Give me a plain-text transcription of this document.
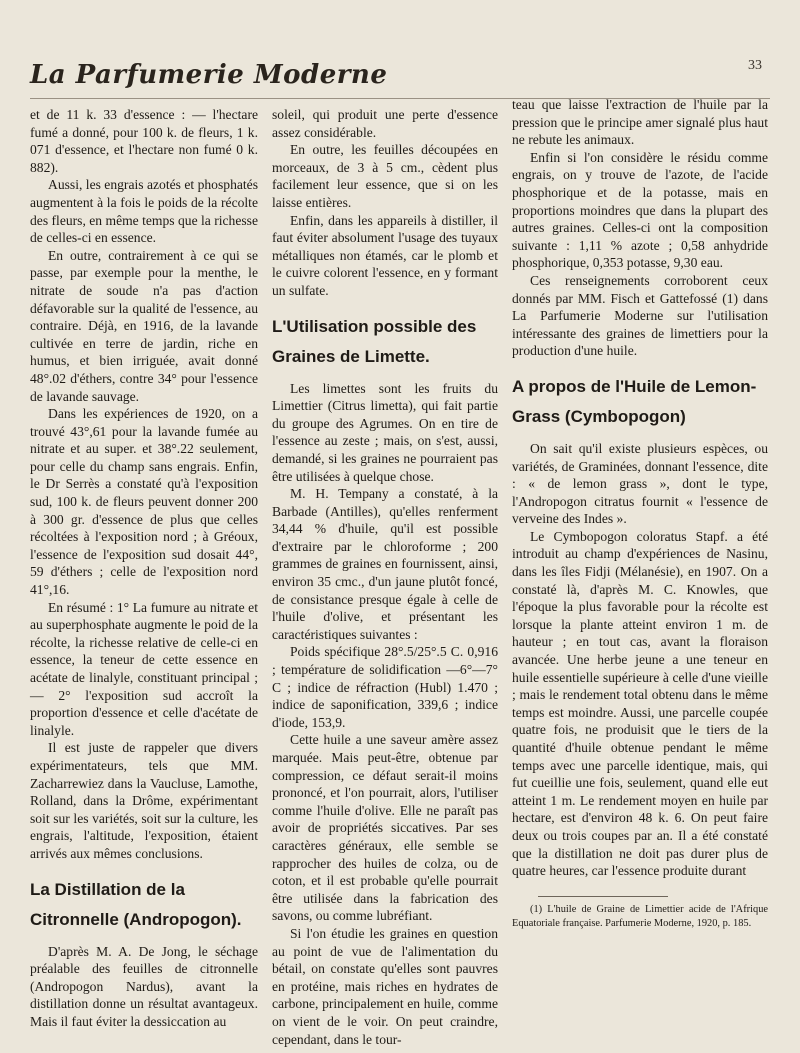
La Parfumerie Moderne	33

et de 11 k. 33 d'essence : — l'hectare fumé a donné, pour 100 k. de fleurs, 1 k. 071 d'essence, et l'hectare non fumé 0 k. 882).

Aussi, les engrais azotés et phosphatés augmentent à la fois le poids de la récolte des fleurs, en même temps que la richesse de celles-ci en essence.

En outre, contrairement à ce qui se passe, par exemple pour la menthe, le nitrate de soude n'a pas d'action défavorable sur la qualité de l'essence, au contraire. Déjà, en 1916, de la lavande cultivée en terre de jardin, riche en humus, et bien irriguée, avait donné 48°.02 d'éthers, contre 34° pour l'essence de lavande sauvage.

Dans les expériences de 1920, on a trouvé 43°,61 pour la lavande fumée au nitrate et au super. et 38°.22 seulement, pour celle du champ sans engrais. Enfin, le Dr Serrès a constaté qu'à l'exposition sud, 100 k. de fleurs peuvent donner 200 à 300 gr. d'essence de plus que celles récoltées à l'exposition nord ; à Gréoux, l'essence de l'exposition sud dosait 44°, 59 d'éthers ; celle de l'exposition nord 41°,16.

En résumé : 1° La fumure au nitrate et au superphosphate augmente le poid de la récolte, la richesse relative de celle-ci en essence, la teneur de cette essence en acétate de linalyle, constituant principal ; — 2° l'exposition sud accroît la proportion d'essence et celle d'acétate de linalyle.

Il est juste de rappeler que divers expérimentateurs, tels que MM. Zacharrewiez dans la Vaucluse, Lamothe, Rolland, dans la Drôme, expérimentant soit sur les variétés, soit sur la culture, les engrais, l'altitude, l'exposition, étaient arrivés aux mêmes conclusions.

La Distillation de la Citronnelle (Andropogon).

D'après M. A. De Jong, le séchage préalable des feuilles de citronnelle (Andropogon Nardus), avant la distillation donne un résultat avantageux. Mais il faut éviter la dessiccation au

soleil, qui produit une perte d'essence assez considérable.

En outre, les feuilles découpées en morceaux, de 3 à 5 cm., cèdent plus facilement leur essence, que si on les laisse entières.

Enfin, dans les appareils à distiller, il faut éviter absolument l'usage des tuyaux métalliques non étamés, car le plomb et le cuivre colorent l'essence, en y formant un sulfate.

L'Utilisation possible des Graines de Limette.

Les limettes sont les fruits du Limettier (Citrus limetta), qui fait partie du groupe des Agrumes. On en tire de l'essence au zeste ; mais, on s'est, aussi, demandé, si les graines ne pourraient pas être utilisées à quelque chose.

M. H. Tempany a constaté, à la Barbade (Antilles), qu'elles renferment 34,44 % d'huile, qu'il est possible d'extraire par le chloroforme ; 200 grammes de graines en fournissent, ainsi, environ 35 cmc., d'un jaune plutôt foncé, de consistance presque égale à celle de l'huile d'olive, et présentant les caractéristiques suivantes :

Poids spécifique 28°.5/25°.5 C. 0,916 ; température de solidification —6°—7° C ; indice de réfraction (Hubl) 1.470 ; indice de saponification, 339,6 ; indice d'iode, 153,9.

Cette huile a une saveur amère assez marquée. Mais peut-être, obtenue par compression, ce défaut serait-il moins prononcé, et l'on pourrait, alors, l'utiliser comme l'huile d'olive. Elle ne paraît pas avoir de propriétés siccatives. Par ses caractères généraux, elle semble se rapprocher des huiles de colza, ou de coton, et il est probable qu'elle pourrait être utilisée dans la fabrication des savons, ou comme lubréfiant.

Si l'on étudie les graines en question au point de vue de l'alimentation du bétail, on constate qu'elles sont pauvres en protéine, mais riches en hydrates de carbone, principalement en huile, comme on vient de le voir. On peut craindre, cependant, dans le tour-

teau que laisse l'extraction de l'huile par la pression que le principe amer signalé plus haut ne rebute les animaux.

Enfin si l'on considère le résidu comme engrais, on y trouve de l'azote, de l'acide phosphorique et de la potasse, mais en proportions moindres que dans la plupart des autres graines. Celles-ci ont la composition suivante : 1,11 % azote ; 0,58 anhydride phosphorique, 0,353 potasse, 9,30 eau.

Ces renseignements corroborent ceux donnés par MM. Fisch et Gattefossé (1) dans La Parfumerie Moderne sur l'utilisation intéressante des graines de limettiers pour la production d'une huile.

A propos de l'Huile de Lemon-Grass (Cymbopogon)

On sait qu'il existe plusieurs espèces, ou variétés, de Graminées, donnant l'essence, dite : « de lemon grass », dont le type, l'Andropogon citratus fournit « l'essence de verveine des Indes ».

Le Cymbopogon coloratus Stapf. a été introduit au champ d'expériences de Nasinu, dans les îles Fidji (Mélanésie), en 1907. On a constaté là, d'après M. C. Knowles, que l'époque la plus favorable pour la récolte est lorsque la plante atteint environ 1 m. de hauteur ; en tout cas, avant la floraison avancée. Une herbe jeune a une teneur en huile essentielle supérieure à celle d'une vieille ; mais le rendement total obtenu dans le même temps est moindre. Aussi, une parcelle coupée quatre fois, ne produisit que le tiers de la quantité d'huile obtenue pendant le même temps avec une parcelle identique, mais, qui fut cueillie une fois, seulement, quand elle eut atteint 1 m. Le rendement moyen en huile par hectare, est d'environ 48 k. 6. On peut faire deux ou trois coupes par an. Il a été constaté que la distillation ne doit pas durer plus de quatre heures, car l'essence produite durant

(1) L'huile de Graine de Limettier acide de l'Afrique Equatoriale française. Parfumerie Moderne, 1920, p. 185.
